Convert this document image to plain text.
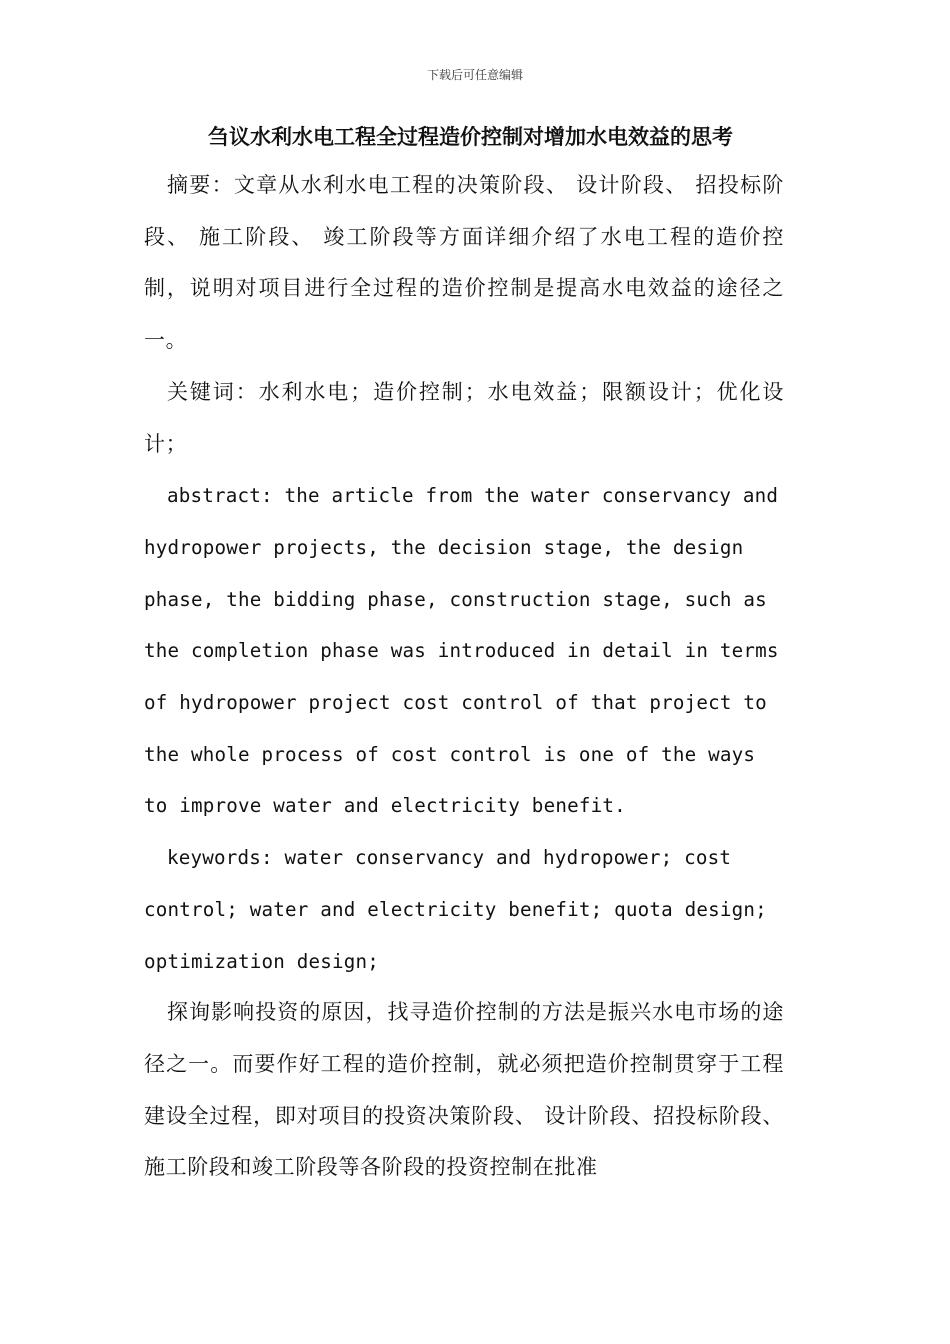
下载后可任意编辑
刍议水利水电工程全过程造价控制对增加水电效益的思考

摘要：文章从水利水电工程的决策阶段、 设计阶段、 招投标阶段、 施工阶段、 竣工阶段等方面详细介绍了水电工程的造价控制，说明对项目进行全过程的造价控制是提高水电效益的途径之一。

关键词：水利水电；造价控制；水电效益；限额设计；优化设计；

abstract: the article from the water conservancy and hydropower projects, the decision stage, the design phase, the bidding phase, construction stage, such as the completion phase was introduced in detail in terms of hydropower project cost control of that project to the whole process of cost control is one of the ways to improve water and electricity benefit.

keywords: water conservancy and hydropower; cost control; water and electricity benefit; quota design; optimization design;

探询影响投资的原因，找寻造价控制的方法是振兴水电市场的途径之一。而要作好工程的造价控制，就必须把造价控制贯穿于工程建设全过程，即对项目的投资决策阶段、 设计阶段、招投标阶段、 施工阶段和竣工阶段等各阶段的投资控制在批准
